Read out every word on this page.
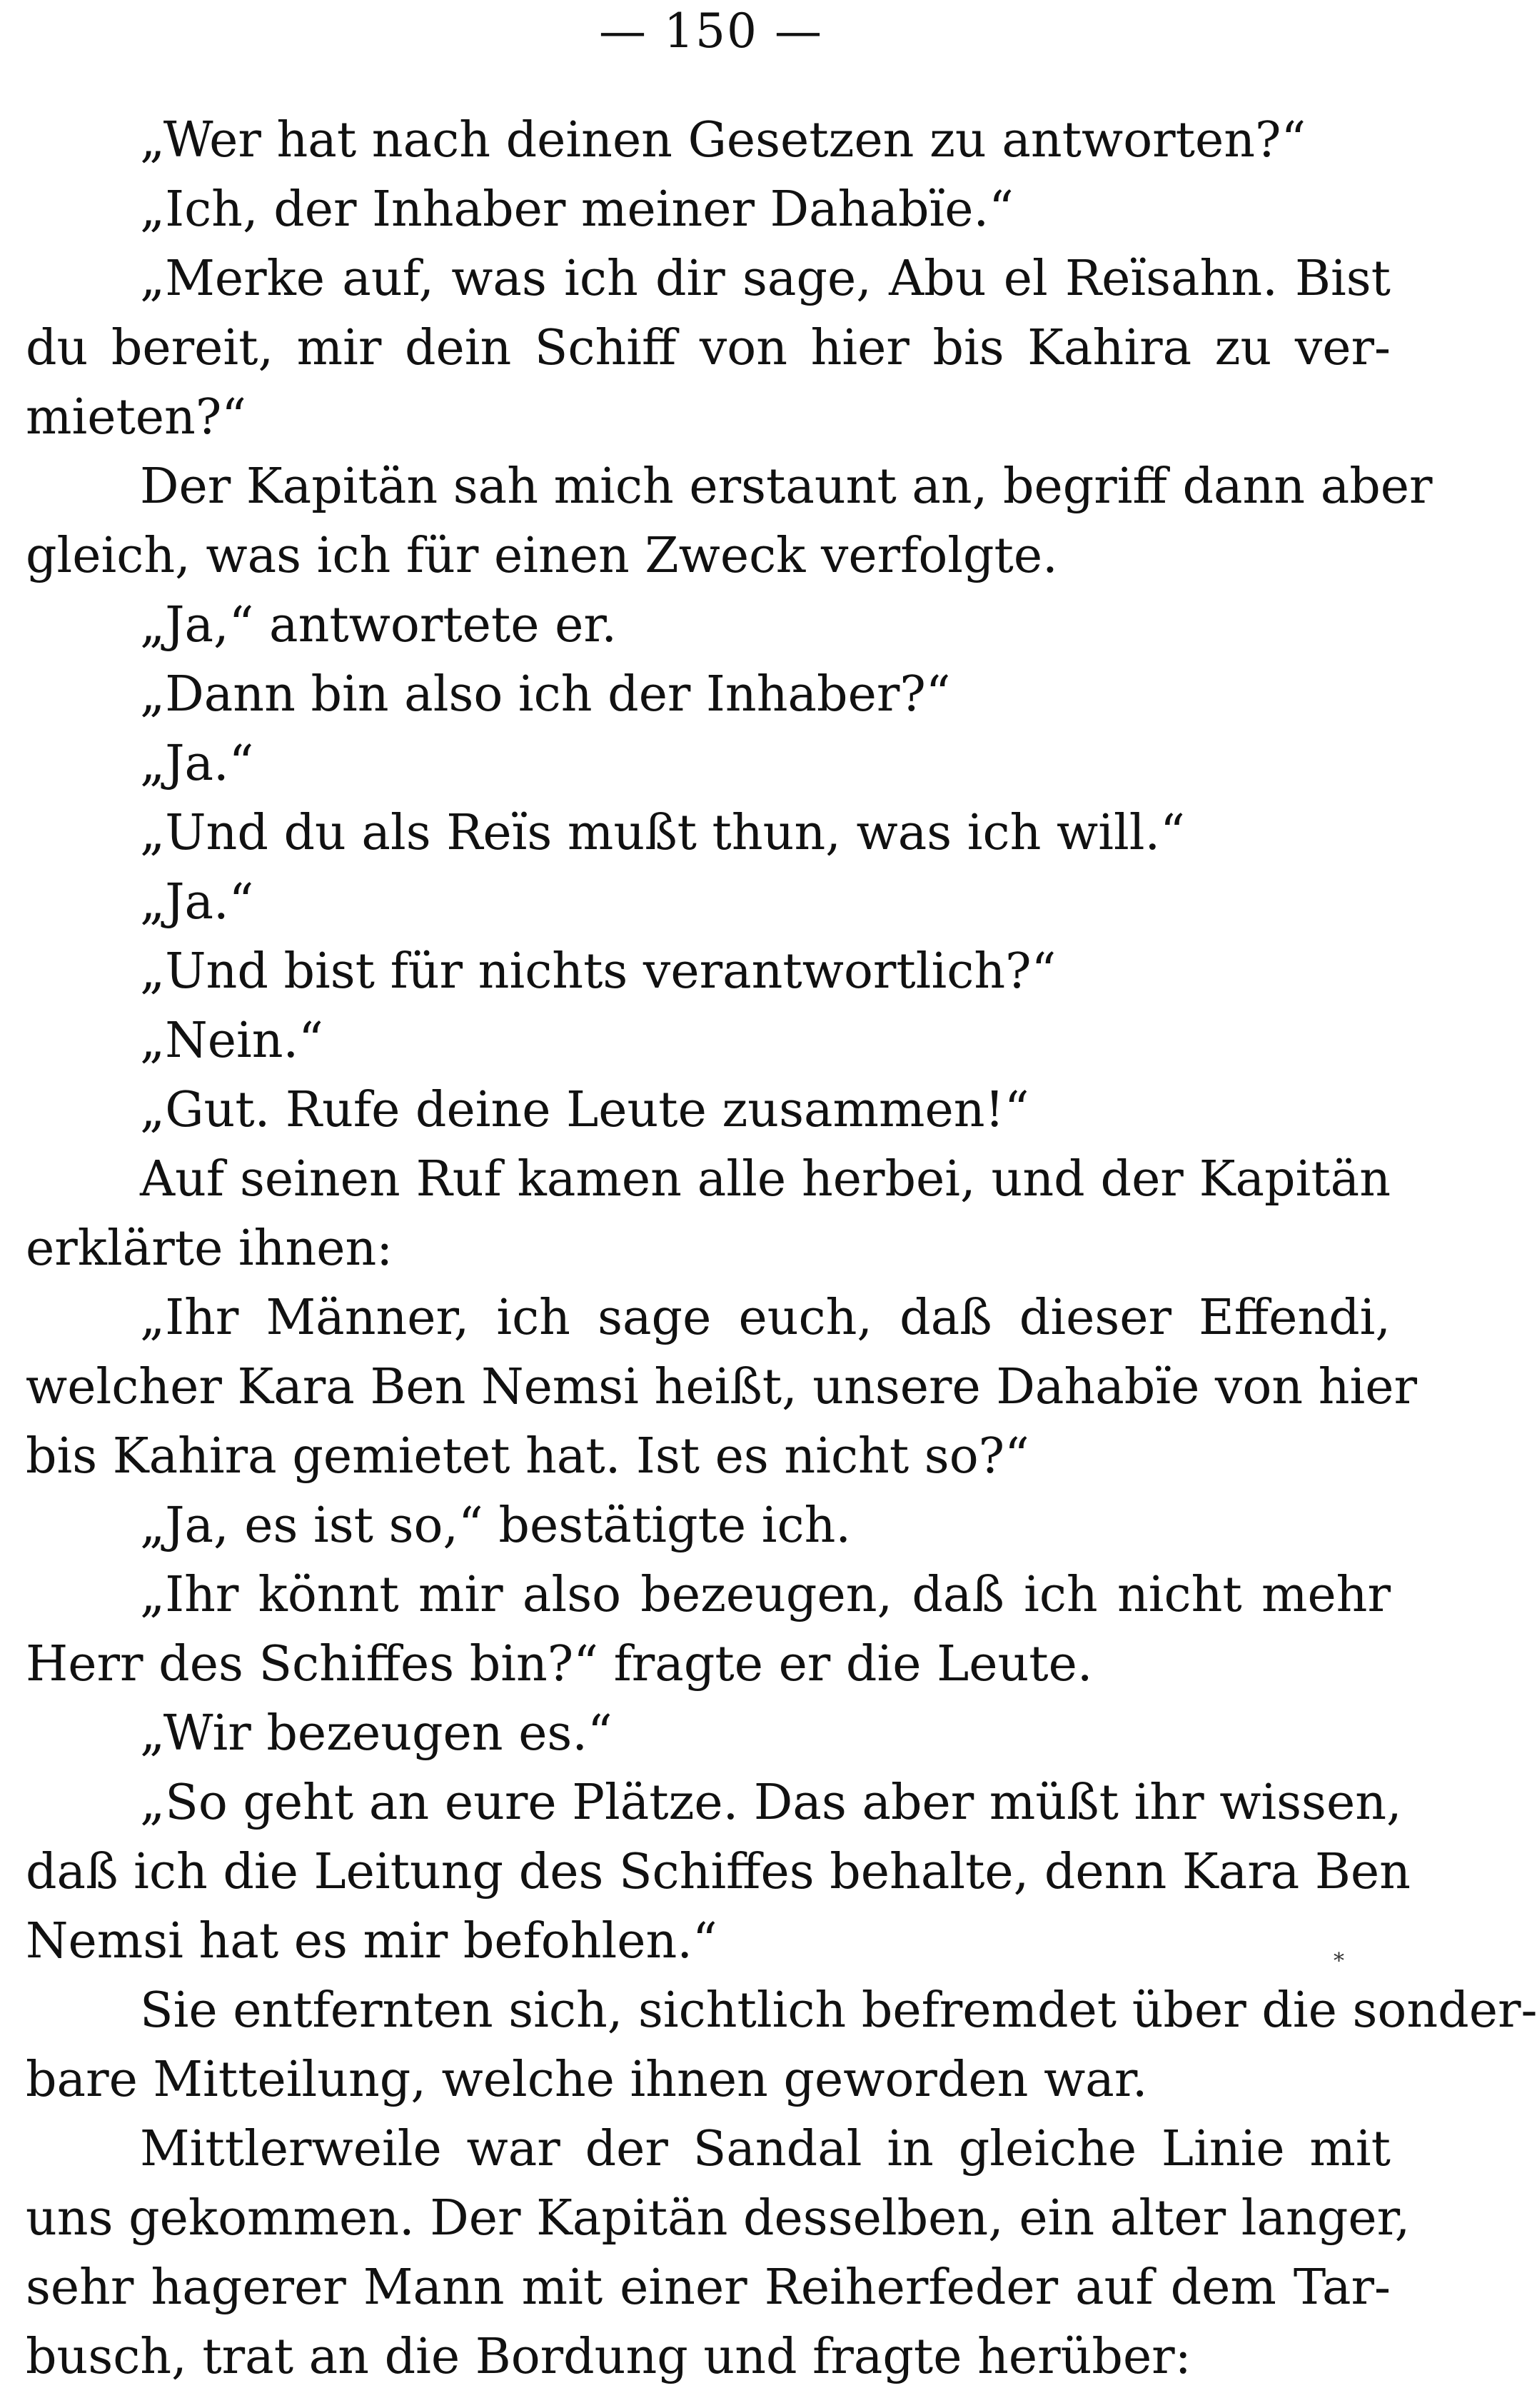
— 150 —
„Wer hat nach deinen Gesetzen zu antworten?“
„Ich, der Inhaber meiner Dahabïe.“
„Merke auf, was ich dir sage, Abu el Reïsahn. Bist
du bereit, mir dein Schiff von hier bis Kahira zu ver-
mieten?“
Der Kapitän sah mich erstaunt an, begriff dann aber
gleich, was ich für einen Zweck verfolgte.
„Ja,“ antwortete er.
„Dann bin also ich der Inhaber?“
„Ja.“
„Und du als Reïs mußt thun, was ich will.“
„Ja.“
„Und bist für nichts verantwortlich?“
„Nein.“
„Gut. Rufe deine Leute zusammen!“
Auf seinen Ruf kamen alle herbei, und der Kapitän
erklärte ihnen:
„Ihr Männer, ich sage euch, daß dieser Effendi,
welcher Kara Ben Nemsi heißt, unsere Dahabïe von hier
bis Kahira gemietet hat. Ist es nicht so?“
„Ja, es ist so,“ bestätigte ich.
„Ihr könnt mir also bezeugen, daß ich nicht mehr
Herr des Schiffes bin?“ fragte er die Leute.
„Wir bezeugen es.“
„So geht an eure Plätze. Das aber müßt ihr wissen,
daß ich die Leitung des Schiffes behalte, denn Kara Ben
Nemsi hat es mir befohlen.“
Sie entfernten sich, sichtlich befremdet über die sonder-
bare Mitteilung, welche ihnen geworden war.
Mittlerweile war der Sandal in gleiche Linie mit
uns gekommen. Der Kapitän desselben, ein alter langer,
sehr hagerer Mann mit einer Reiherfeder auf dem Tar-
busch, trat an die Bordung und fragte herüber:
⁎
